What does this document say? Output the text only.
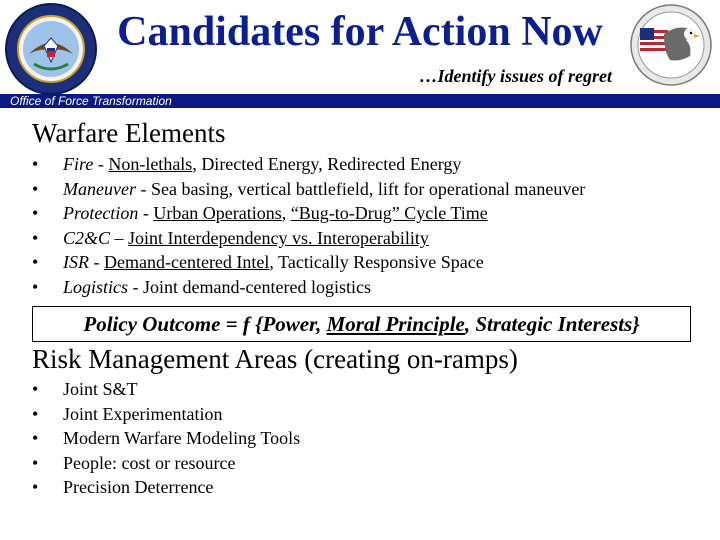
Candidates for Action Now
…Identify issues of regret
Office of Force Transformation
Warfare Elements
• Fire - Non-lethals, Directed Energy, Redirected Energy
• Maneuver - Sea basing, vertical battlefield, lift for operational maneuver
• Protection - Urban Operations, “Bug-to-Drug” Cycle Time
• C2&C – Joint Interdependency vs. Interoperability
• ISR - Demand-centered Intel, Tactically Responsive Space
• Logistics - Joint demand-centered logistics
Policy Outcome = f {Power, Moral Principle, Strategic Interests}
Risk Management Areas (creating on-ramps)
• Joint S&T
• Joint Experimentation
• Modern Warfare Modeling Tools
• People: cost or resource
• Precision Deterrence
